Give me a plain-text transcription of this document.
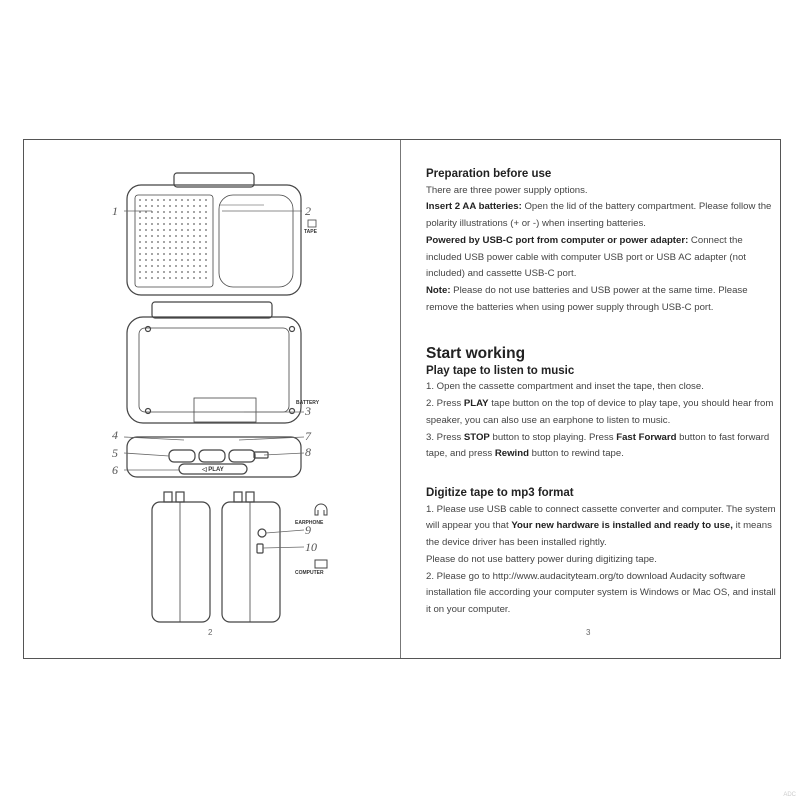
1	2
3
4
5
6
7
8
9
10
TAPE
BATTERY
◁ PLAY
EARPHONE
COMPUTER
2

Preparation before use

There are three power supply options.

Insert 2 AA batteries: Open the lid of the battery compartment. Please follow the polarity illustrations (+ or -) when inserting batteries.

Powered by USB-C port from computer or power adapter: Connect the included USB power cable with computer USB port or USB AC adapter (not included) and cassette USB-C port.

Note: Please do not use batteries and USB power at the same time. Please remove the batteries when using power supply through USB-C port.

Start working

Play tape to listen to music

1. Open the cassette compartment and inset the tape, then close.

2. Press PLAY tape button on the top of device to play tape, you should hear from speaker, you can also use an earphone to listen to music.

3. Press STOP button to stop playing. Press Fast Forward button to fast forward tape, and press Rewind button to rewind tape.

Digitize tape to mp3 format

1. Please use USB cable to connect cassette converter and computer. The system will appear you that Your new hardware is installed and ready to use, it means the device driver has been installed rightly.

Please do not use battery power during digitizing tape.

2. Please go to http://www.audacityteam.org/to download Audacity software installation file according your computer system is Windows or Mac OS, and install it on your computer.

3
ADC
